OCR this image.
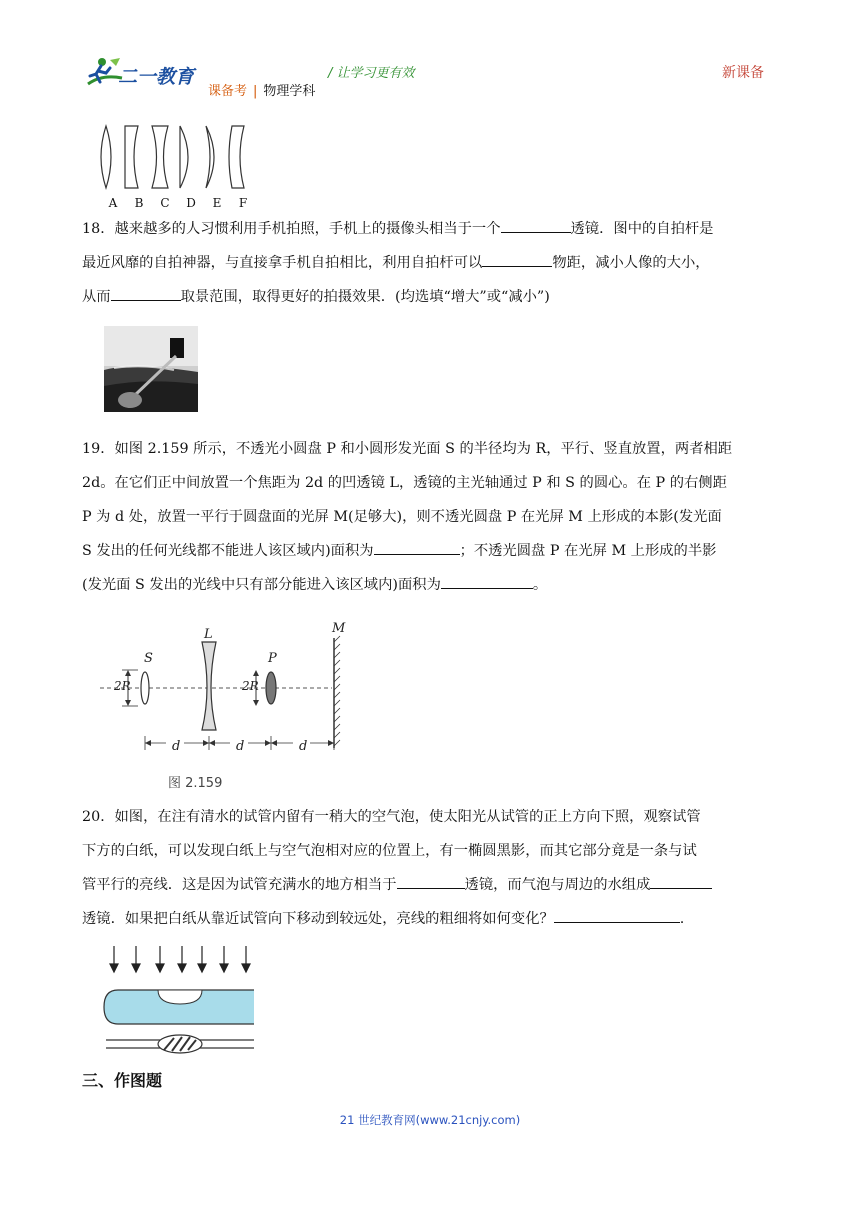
二一教育	/ 让学习更有效	新课备
课备考 | 物理学科
A B C D E F
18．越来越多的人习惯利用手机拍照，手机上的摄像头相当于一个	透镜．图中的自拍杆是
最近风靡的自拍神器，与直接拿手机自拍相比，利用自拍杆可以	物距，减小人像的大小，
从而	取景范围，取得更好的拍摄效果．(均选填“增大”或“减小”)
19．如图 2.159 所示，不透光小圆盘 P 和小圆形发光面 S 的半径均为 R，平行、竖直放置，两者相距
2d。在它们正中间放置一个焦距为 2d 的凹透镜 L，透镜的主光轴通过 P 和 S 的圆心。在 P 的右侧距
P 为 d 处，放置一平行于圆盘面的光屏 M(足够大)，则不透光圆盘 P 在光屏 M 上形成的本影(发光面
S 发出的任何光线都不能进人该区域内)面积为	；不透光圆盘 P 在光屏 M 上形成的半影
(发光面 S 发出的光线中只有部分能进入该区域内)面积为	。
S
L
P
M
2R	2R
d	d	d
图 2.159
20．如图，在注有清水的试管内留有一稍大的空气泡，使太阳光从试管的正上方向下照，观察试管
下方的白纸，可以发现白纸上与空气泡相对应的位置上，有一椭圆黑影，而其它部分竟是一条与试
管平行的亮线．这是因为试管充满水的地方相当于	透镜，而气泡与周边的水组成
透镜．如果把白纸从靠近试管向下移动到较远处，亮线的粗细将如何变化？	.
三、作图题
21 世纪教育网(www.21cnjy.com)
